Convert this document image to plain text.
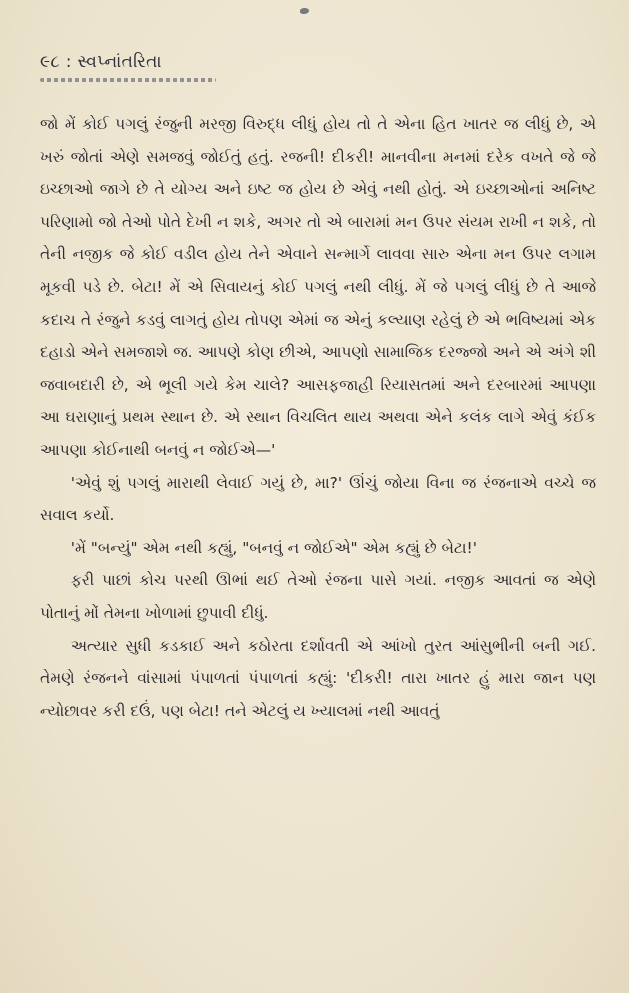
૯૮ : સ્વપ્નાંતરિતા

જો મેં કોઈ પગલું રંજુની મરજી વિરુદ્ધ લીધું હોય તો તે એના હિત ખાતર જ લીધું છે, એ ખરું જોતાં એણે સમજવું જોઈતું હતું. રજની! દીકરી! માનવીના મનમાં દરેક વખતે જે જે ઇચ્છાઓ જાગે છે તે યોગ્ય અને ઇષ્ટ જ હોય છે એવું નથી હોતું. એ ઇચ્છાઓનાં અનિષ્ટ પરિણામો જો તેઓ પોતે દેખી ન શકે, અગર તો એ બારામાં મન ઉપર સંયમ રાખી ન શકે, તો તેની નજીક જે કોઈ વડીલ હોય તેને એવાને સન્માર્ગે લાવવા સારુ એના મન ઉપર લગામ મૂકવી પડે છે. બેટા! મેં એ સિવાયનું કોઈ પગલું નથી લીધું. મેં જે પગલું લીધું છે તે આજે કદાચ તે રંજુને કડવું લાગતું હોય તોપણ એમાં જ એનું કલ્યાણ રહેલું છે એ ભવિષ્યમાં એક દહાડો એને સમજાશે જ. આપણે કોણ છીએ, આપણો સામાજિક દરજ્જો અને એ અંગે શી જવાબદારી છે, એ ભૂલી ગયે કેમ ચાલે? આસફજાહી રિયાસતમાં અને દરબારમાં આપણા આ ઘરાણાનું પ્રથમ સ્થાન છે. એ સ્થાન વિચલિત થાય અથવા એને કલંક લાગે એવું કંઈક આપણા કોઈનાથી બનવું ન જોઈએ—'

'એવું શું પગલું મારાથી લેવાઈ ગયું છે, મા?' ઊંચું જોયા વિના જ રંજનાએ વચ્ચે જ સવાલ કર્યો.

'મેં "બન્યું" એમ નથી કહ્યું, "બનવું ન જોઈએ" એમ કહ્યું છે બેટા!'

ફરી પાછાં કોચ પરથી ઊભાં થઈ તેઓ રંજના પાસે ગયાં. નજીક આવતાં જ એણે પોતાનું મોં તેમના ખોળામાં છુપાવી દીધું.

અત્યાર સુધી કડકાઈ અને કઠોરતા દર્શાવતી એ આંખો તુરત આંસુભીની બની ગઈ. તેમણે રંજનને વાંસામાં પંપાળતાં પંપાળતાં કહ્યું: 'દીકરી! તારા ખાતર હું મારા જાન પણ ન્યોછાવર કરી દઉં, પણ બેટા! તને એટલું ય ખ્યાલમાં નથી આવતું
